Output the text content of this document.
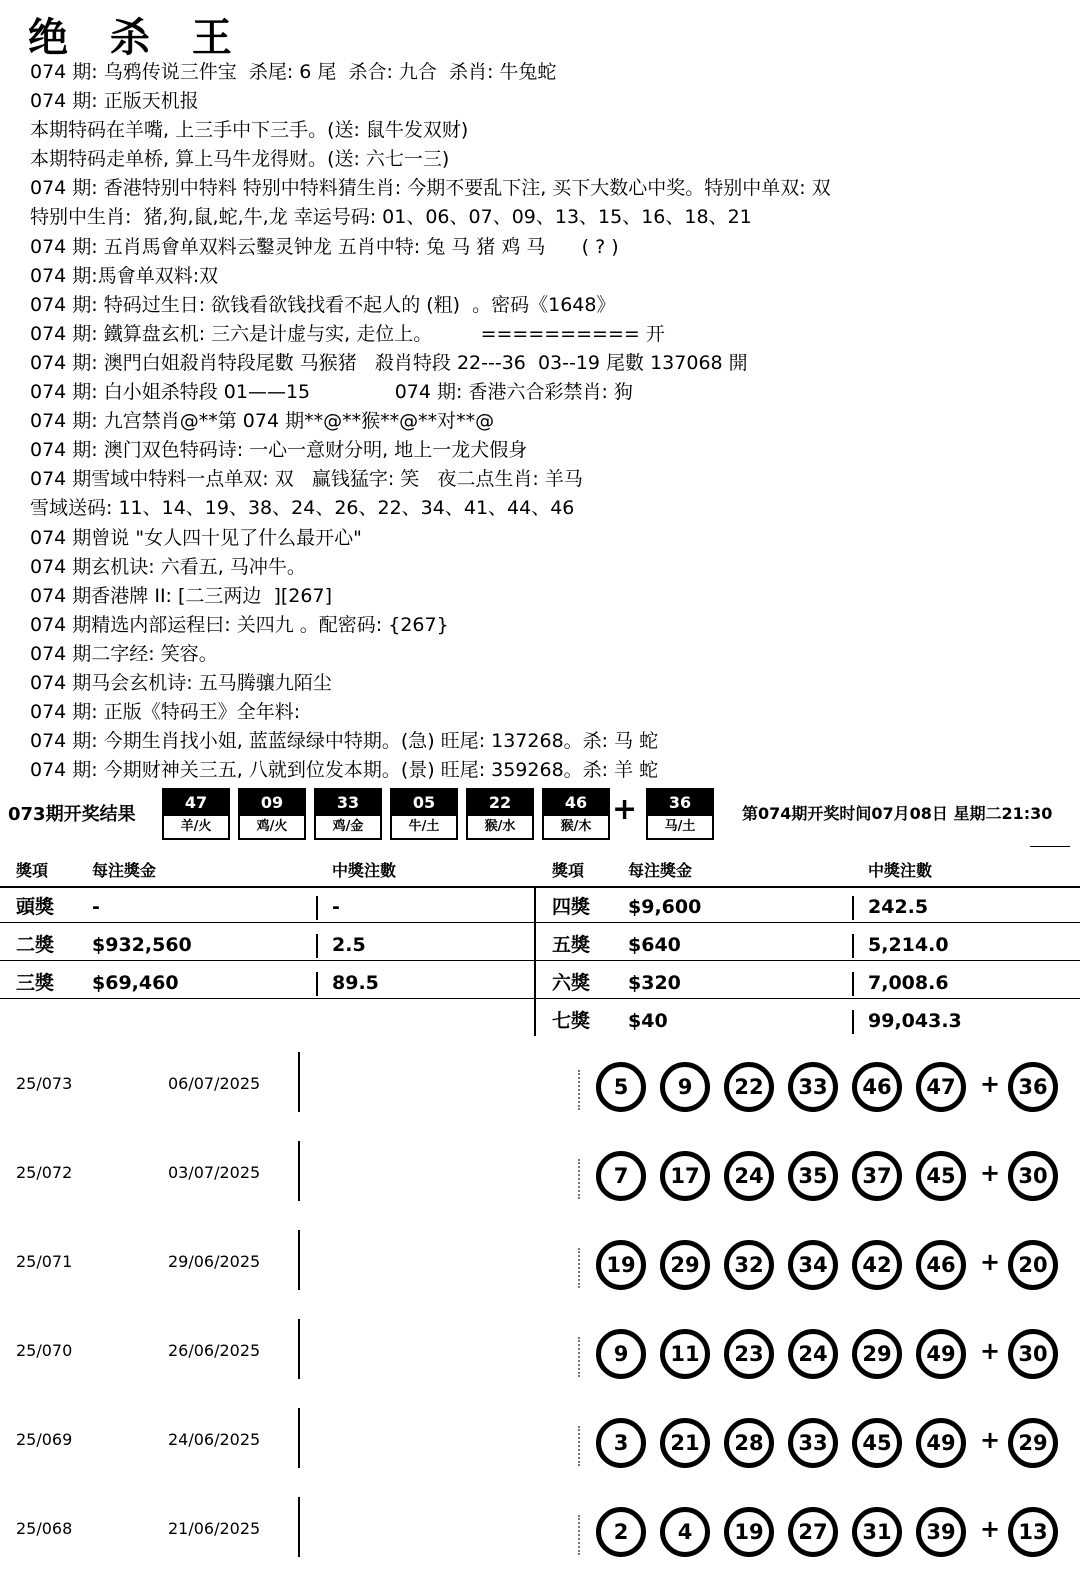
绝 杀 王
074 期: 乌鸦传说三件宝  杀尾: 6 尾  杀合: 九合  杀肖: 牛兔蛇
074 期: 正版天机报
本期特码在羊嘴, 上三手中下三手。(送: 鼠牛发双财)
本期特码走单桥, 算上马牛龙得财。(送: 六七一三)
074 期: 香港特别中特料 特别中特料猜生肖: 今期不要乱下注, 买下大数心中奖。特别中单双: 双
特别中生肖:  猪,狗,鼠,蛇,牛,龙 幸运号码: 01、06、07、09、13、15、16、18、21
074 期: 五肖馬會单双料云鑿灵钟龙 五肖中特: 兔 马 猪 鸡 马      ( ? )
074 期:馬會单双料:双
074 期: 特码过生日: 欲钱看欲钱找看不起人的 (粗)  。密码《1648》
074 期: 鐵算盘玄机: 三六是计虚与实, 走位上。        ========== 开
074 期: 澳門白姐殺肖特段尾數 马猴猪   殺肖特段 22---36  03--19 尾數 137068 開
074 期: 白小姐杀特段 01——15              074 期: 香港六合彩禁肖: 狗
074 期: 九宫禁肖@**第 074 期**@**猴**@**对**@
074 期: 澳门双色特码诗: 一心一意财分明, 地上一龙犬假身
074 期雪域中特料一点单双: 双   赢钱猛字: 笑   夜二点生肖: 羊马
雪域送码: 11、14、19、38、24、26、22、34、41、44、46
074 期曾说 "女人四十见了什么最开心"
074 期玄机诀: 六看五, 马冲牛。
074 期香港牌 II: [二三两边  ][267]
074 期精选内部运程曰: 关四九 。配密码: {267}
074 期二字经: 笑容。
074 期马会玄机诗: 五马腾骧九陌尘
074 期: 正版《特码王》全年料:
074 期: 今期生肖找小姐, 蓝蓝绿绿中特期。(急) 旺尾: 137268。杀: 马 蛇
074 期: 今期财神关三五, 八就到位发本期。(景) 旺尾: 359268。杀: 羊 蛇
073期开奖结果
47
羊/火
09
鸡/火
33
鸡/金
05
牛/土
22
猴/水
46
猴/木
36
马/土
+	第074期开奖时间07月08日 星期二21:30
獎項	每注獎金	中獎注數	獎項	每注獎金	中獎注數
頭獎 -	-
二獎 $932,560	2.5
三獎 $69,460	89.5
四獎 $9,600	242.5
五獎 $640	5,214.0
六獎 $320	7,008.6
七獎 $40	99,043.3
25/073	06/07/2025	5	9	22	33	46	47	+ 36
25/072	03/07/2025	7	17	24	35	37	45	+ 30
25/071	29/06/2025	19	29	32	34	42	46	+ 20
25/070	26/06/2025	9	11	23	24	29	49	+ 30
25/069	24/06/2025	3	21	28	33	45	49	+ 29
25/068	21/06/2025	2	4	19	27	31	39	+ 13
